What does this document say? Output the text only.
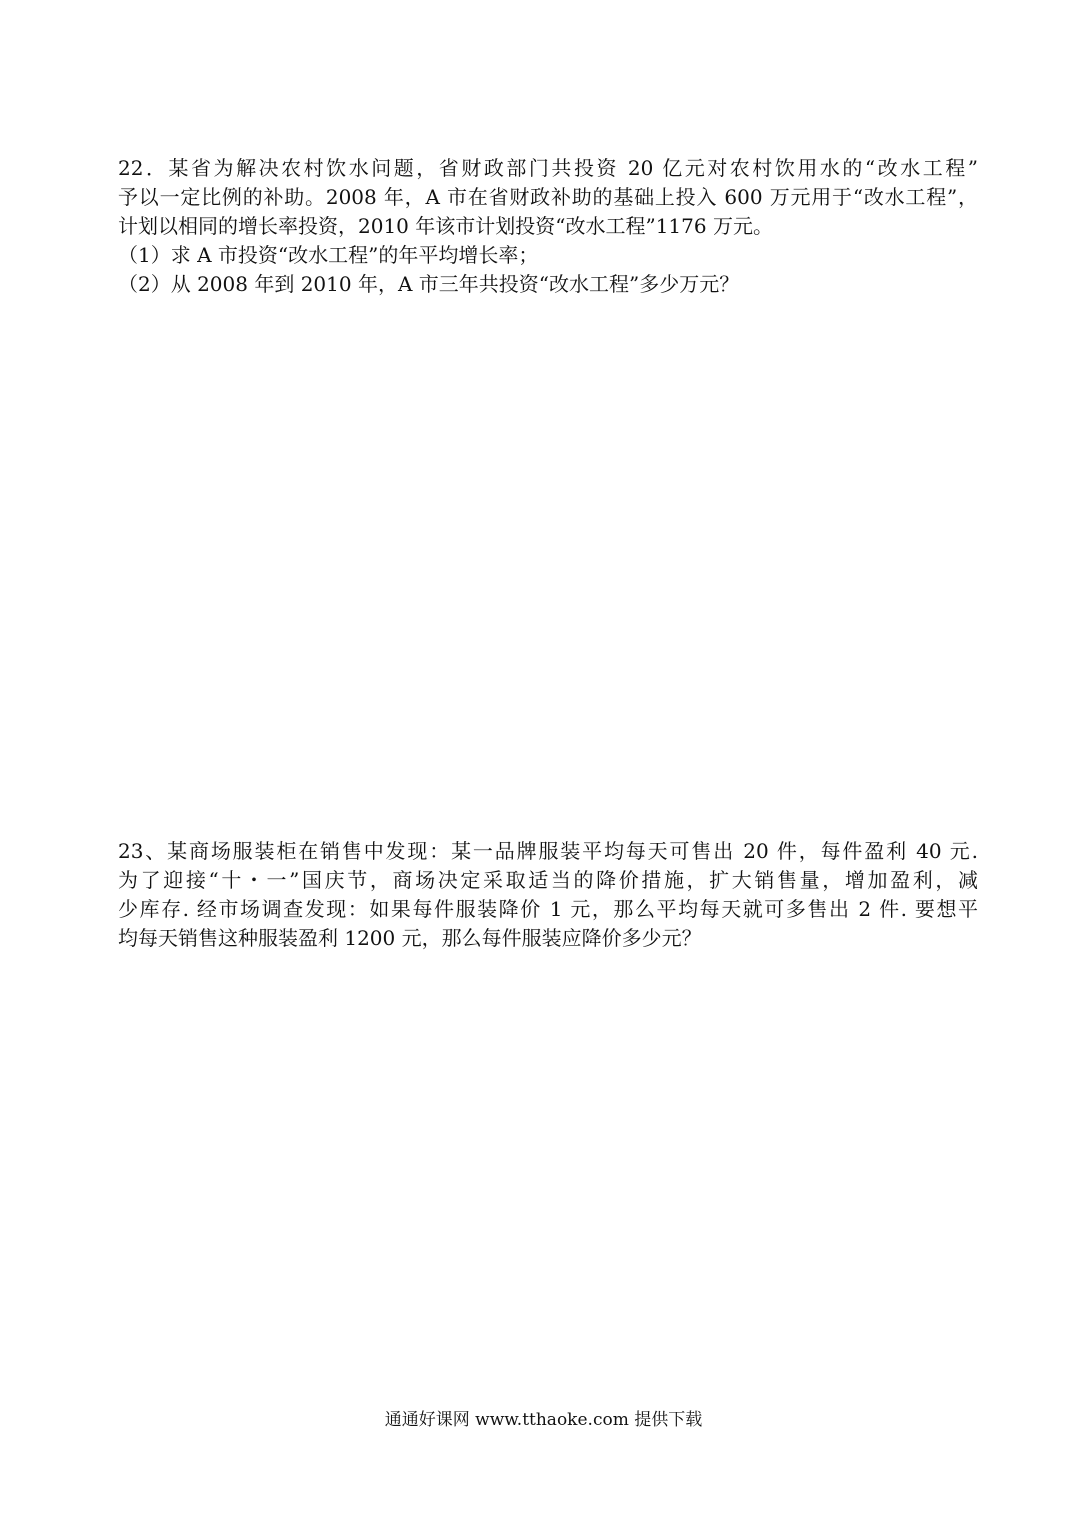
22．某省为解决农村饮水问题，省财政部门共投资 20 亿元对农村饮用水的“改水工程”
予以一定比例的补助。2008 年，A 市在省财政补助的基础上投入 600 万元用于“改水工程”，
计划以相同的增长率投资，2010 年该市计划投资“改水工程”1176 万元。
（1）求 A 市投资“改水工程”的年平均增长率；
（2）从 2008 年到 2010 年，A 市三年共投资“改水工程”多少万元？
23、某商场服装柜在销售中发现：某一品牌服装平均每天可售出 20 件，每件盈利 40 元.
为了迎接“十・一”国庆节，商场决定采取适当的降价措施，扩大销售量，增加盈利，减
少库存. 经市场调查发现：如果每件服装降价 1 元，那么平均每天就可多售出 2 件. 要想平
均每天销售这种服装盈利 1200 元，那么每件服装应降价多少元？
通通好课网 www.tthaoke.com 提供下载
